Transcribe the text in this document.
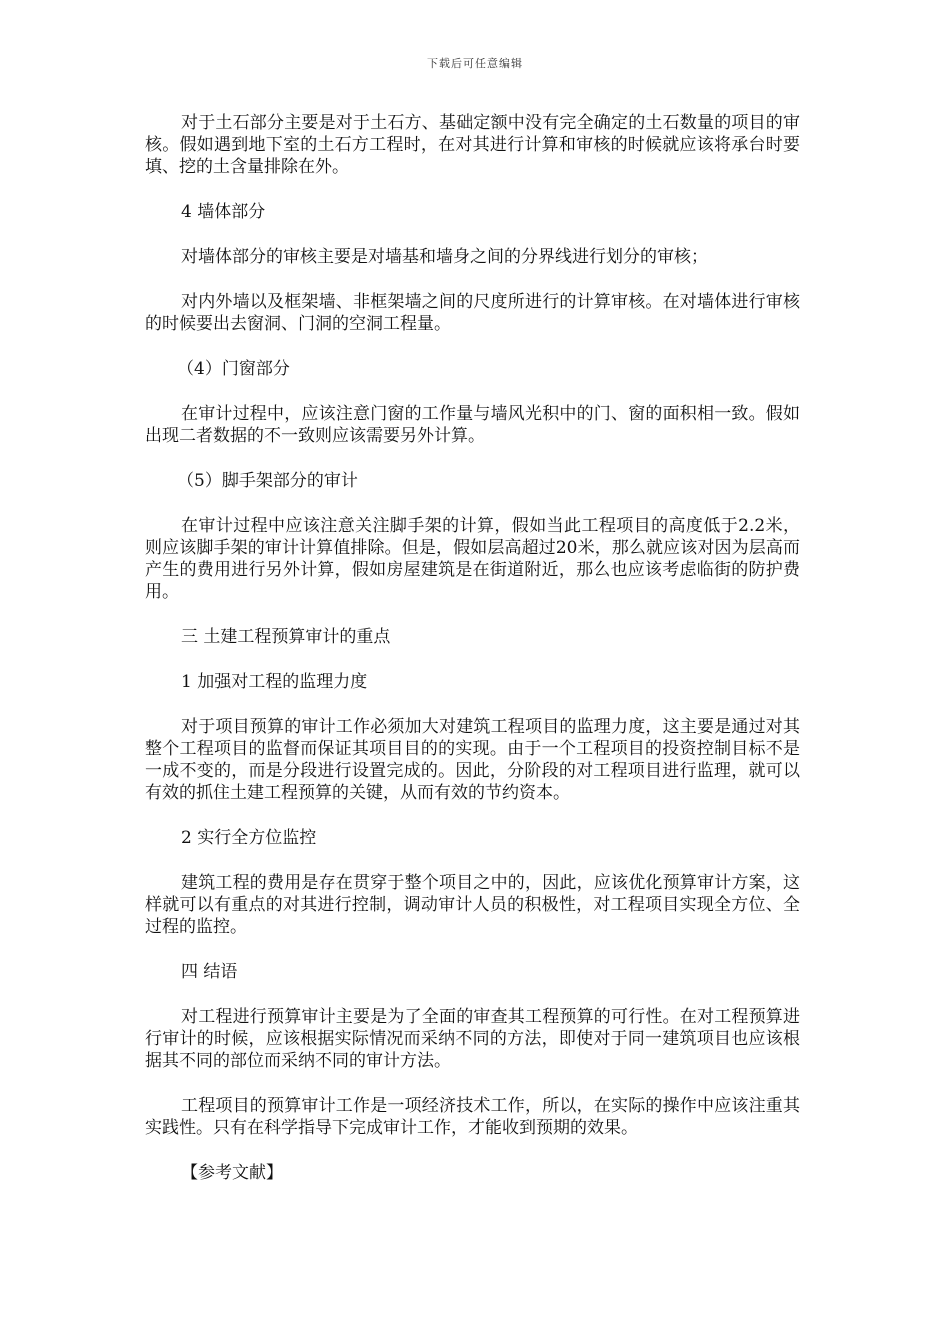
下载后可任意编辑

对于土石部分主要是对于土石方、基础定额中没有完全确定的土石数量的项目的审核。假如遇到地下室的土石方工程时，在对其进行计算和审核的时候就应该将承台时要填、挖的土含量排除在外。

4 墙体部分

对墙体部分的审核主要是对墙基和墙身之间的分界线进行划分的审核；

对内外墙以及框架墙、非框架墙之间的尺度所进行的计算审核。在对墙体进行审核的时候要出去窗洞、门洞的空洞工程量。

（4）门窗部分

在审计过程中，应该注意门窗的工作量与墙风光积中的门、窗的面积相一致。假如出现二者数据的不一致则应该需要另外计算。

（5）脚手架部分的审计

在审计过程中应该注意关注脚手架的计算，假如当此工程项目的高度低于2.2米，则应该脚手架的审计计算值排除。但是，假如层高超过20米，那么就应该对因为层高而产生的费用进行另外计算，假如房屋建筑是在街道附近，那么也应该考虑临街的防护费用。

三 土建工程预算审计的重点

1 加强对工程的监理力度

对于项目预算的审计工作必须加大对建筑工程项目的监理力度，这主要是通过对其整个工程项目的监督而保证其项目目的的实现。由于一个工程项目的投资控制目标不是一成不变的，而是分段进行设置完成的。因此，分阶段的对工程项目进行监理，就可以有效的抓住土建工程预算的关键，从而有效的节约资本。

2 实行全方位监控

建筑工程的费用是存在贯穿于整个项目之中的，因此，应该优化预算审计方案，这样就可以有重点的对其进行控制，调动审计人员的积极性，对工程项目实现全方位、全过程的监控。

四 结语

对工程进行预算审计主要是为了全面的审查其工程预算的可行性。在对工程预算进行审计的时候，应该根据实际情况而采纳不同的方法，即使对于同一建筑项目也应该根据其不同的部位而采纳不同的审计方法。

工程项目的预算审计工作是一项经济技术工作，所以，在实际的操作中应该注重其实践性。只有在科学指导下完成审计工作，才能收到预期的效果。

【参考文献】
